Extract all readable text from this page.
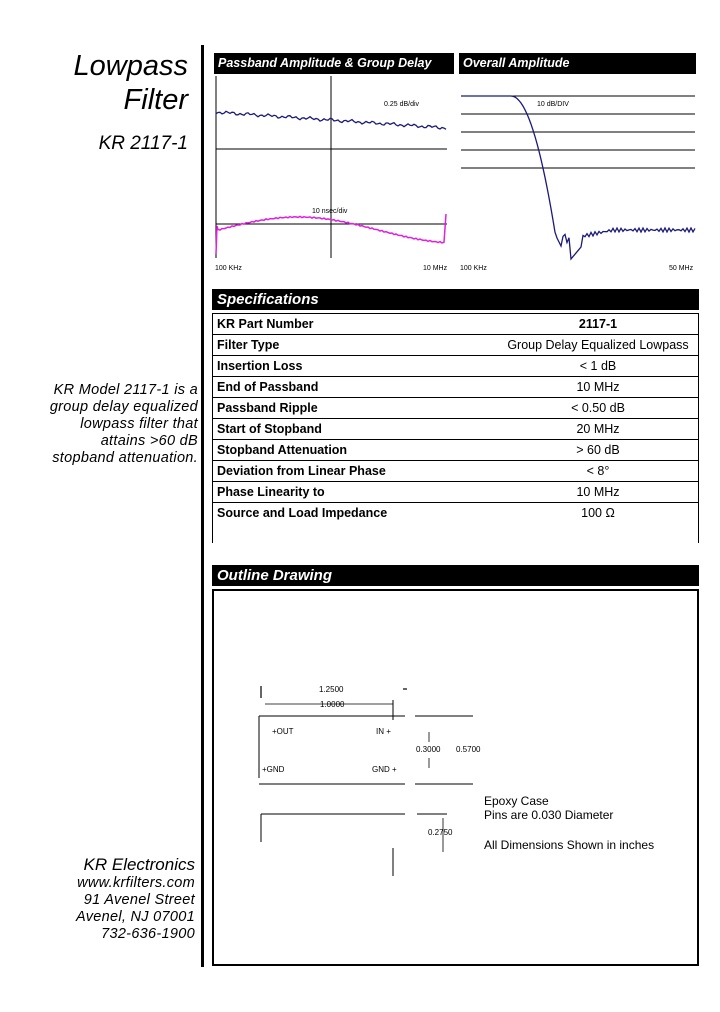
Lowpass
Filter
KR 2117-1
KR Model 2117-1 is a
group delay equalized
lowpass filter that
attains >60 dB
stopband attenuation.
KR Electronics
www.krfilters.com
91 Avenel Street
Avenel, NJ 07001
732-636-1900
Passband Amplitude & Group Delay	Overall Amplitude
0.25 dB/div
10 nsec/div
100 KHz	10 MHz
10 dB/DIV
100 KHz	50 MHz
Specifications
KR Part Number	2117-1
Filter Type	Group Delay Equalized Lowpass
Insertion Loss	< 1 dB
End of Passband	10 MHz
Passband Ripple	< 0.50 dB
Start of Stopband	20 MHz
Stopband Attenuation	> 60 dB
Deviation from Linear Phase	< 8°
Phase Linearity to	10 MHz
Source and Load Impedance	100 Ω
Outline Drawing
1.2500
1.0000
+OUT	IN +
0.3000 0.5700
+GND	GND +
0.2750
Epoxy Case
Pins are 0.030 Diameter
All Dimensions Shown in inches
